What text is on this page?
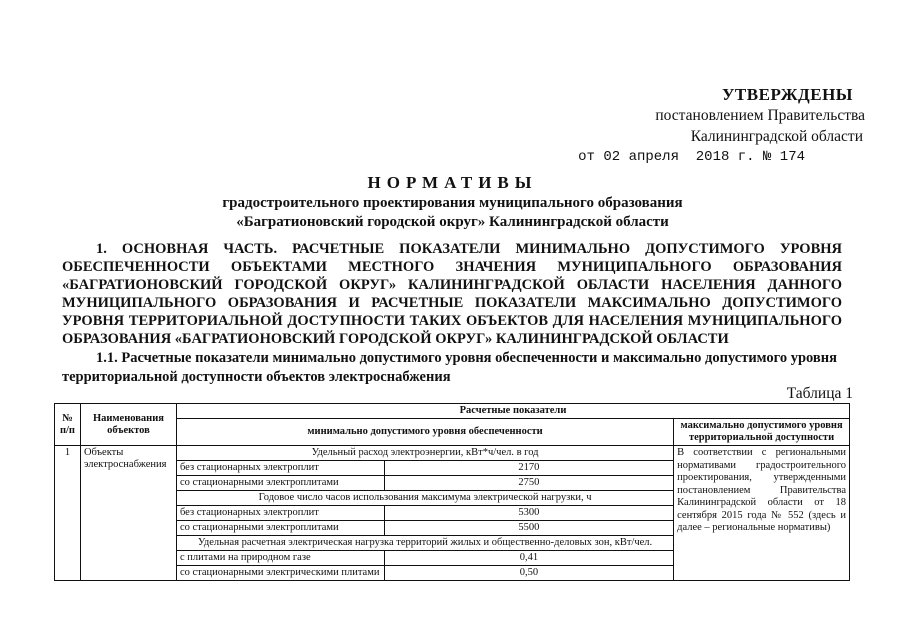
УТВЕРЖДЕНЫ
постановлением Правительства
Калининградской области
от 02 апреля  2018 г. № 174
НОРМАТИВЫ
градостроительного проектирования муниципального образования
«Багратионовский городской округ» Калининградской области
1. ОСНОВНАЯ ЧАСТЬ. РАСЧЕТНЫЕ ПОКАЗАТЕЛИ МИНИМАЛЬНО ДОПУСТИМОГО УРОВНЯ ОБЕСПЕЧЕННОСТИ ОБЪЕКТАМИ МЕСТНОГО ЗНАЧЕНИЯ МУНИЦИПАЛЬНОГО ОБРАЗОВАНИЯ «БАГРАТИОНОВСКИЙ ГОРОДСКОЙ ОКРУГ» КАЛИНИНГРАДСКОЙ ОБЛАСТИ НАСЕЛЕНИЯ ДАННОГО МУНИЦИПАЛЬНОГО ОБРАЗОВАНИЯ И РАСЧЕТНЫЕ ПОКАЗАТЕЛИ МАКСИМАЛЬНО ДОПУСТИМОГО УРОВНЯ ТЕРРИТОРИАЛЬНОЙ ДОСТУПНОСТИ ТАКИХ ОБЪЕКТОВ ДЛЯ НАСЕЛЕНИЯ МУНИЦИПАЛЬНОГО ОБРАЗОВАНИЯ «БАГРАТИОНОВСКИЙ ГОРОДСКОЙ ОКРУГ» КАЛИНИНГРАДСКОЙ ОБЛАСТИ
1.1. Расчетные показатели минимально допустимого уровня обеспеченности и максимально допустимого уровня территориальной доступности объектов электроснабжения
Таблица 1
№ п/п	Наименования объектов	Расчетные показатели		
		минимально допустимого уровня обеспеченности		максимально допустимого уровня территориальной доступности
1	Объекты электроснабжения	Удельный расход электроэнергии, кВт*ч/чел. в год		В соответствии с региональными нормативами градостроительного проектирования, утвержденными постановлением Правительства Калининградской области от 18 сентября 2015 года № 552 (здесь и далее – региональные нормативы)
		без стационарных электроплит	2170	
		со стационарными электроплитами	2750	
		Годовое число часов использования максимума электрической нагрузки, ч		
		без стационарных электроплит	5300	
		со стационарными электроплитами	5500	
		Удельная расчетная электрическая нагрузка территорий жилых и общественно-деловых зон, кВт/чел.		
		с плитами на природном газе	0,41	
		со стационарными электрическими плитами	0,50	
